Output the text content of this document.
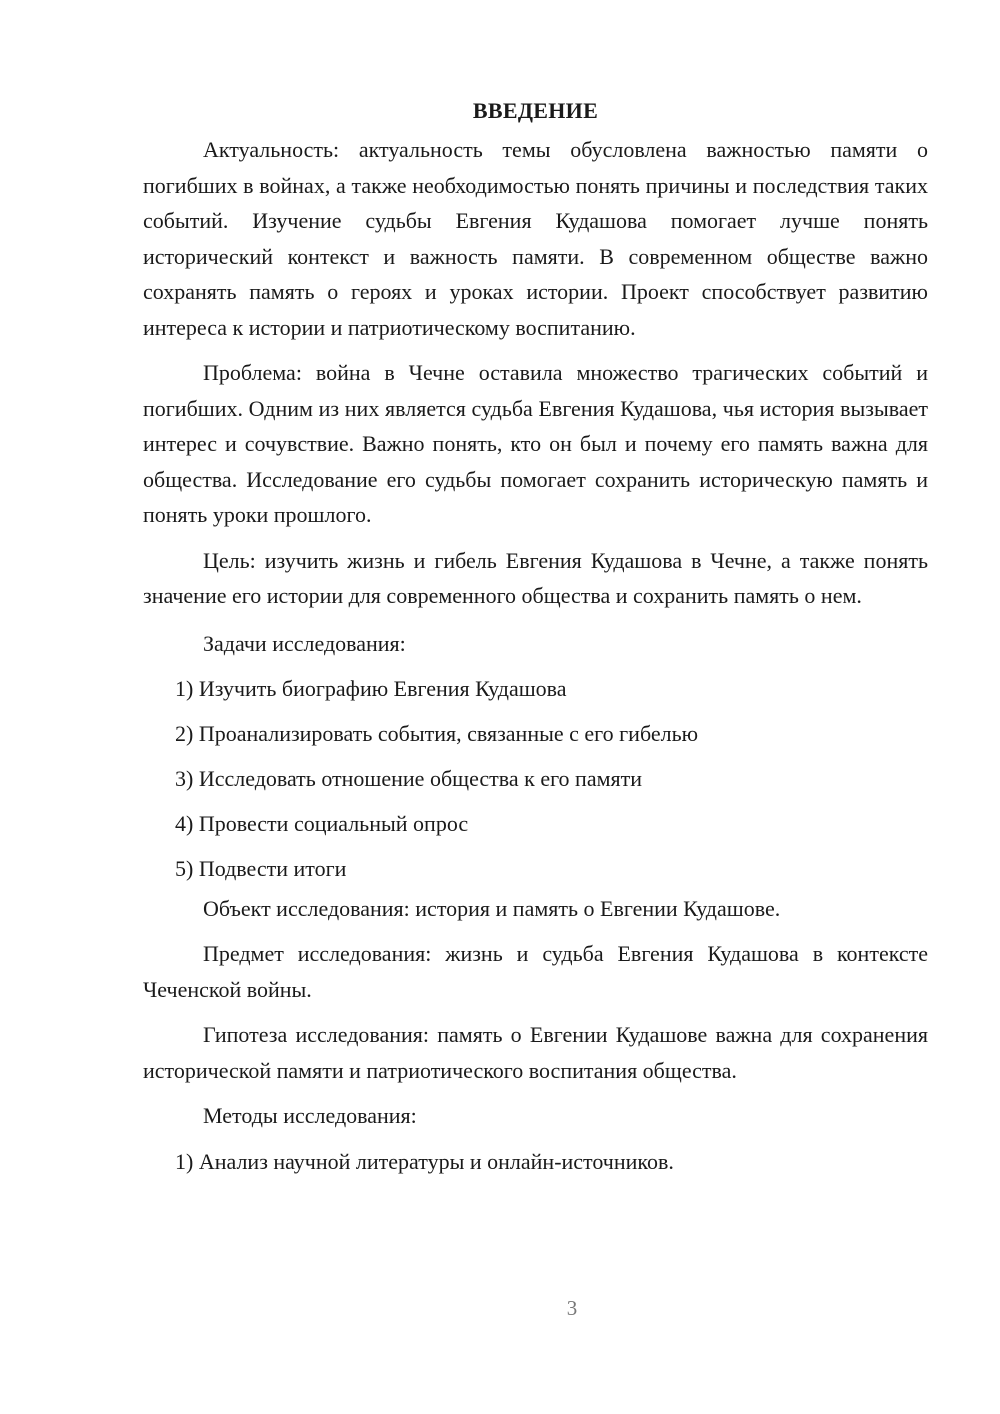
ВВЕДЕНИЕ

Актуальность: актуальность темы обусловлена важностью памяти о погибших в войнах, а также необходимостью понять причины и последствия таких событий. Изучение судьбы Евгения Кудашова помогает лучше понять исторический контекст и важность памяти. В современном обществе важно сохранять память о героях и уроках истории. Проект способствует развитию интереса к истории и патриотическому воспитанию.

Проблема: война в Чечне оставила множество трагических событий и погибших. Одним из них является судьба Евгения Кудашова, чья история вызывает интерес и сочувствие. Важно понять, кто он был и почему его память важна для общества. Исследование его судьбы помогает сохранить историческую память и понять уроки прошлого.

Цель: изучить жизнь и гибель Евгения Кудашова в Чечне, а также понять значение его истории для современного общества и сохранить память о нем.

Задачи исследования:
1) Изучить биографию Евгения Кудашова
2) Проанализировать события, связанные с его гибелью
3) Исследовать отношение общества к его памяти
4) Провести социальный опрос
5) Подвести итоги

Объект исследования: история и память о Евгении Кудашове.

Предмет исследования: жизнь и судьба Евгения Кудашова в контексте Чеченской войны.

Гипотеза исследования: память о Евгении Кудашове важна для сохранения исторической памяти и патриотического воспитания общества.

Методы исследования:
1) Анализ научной литературы и онлайн-источников.
3
